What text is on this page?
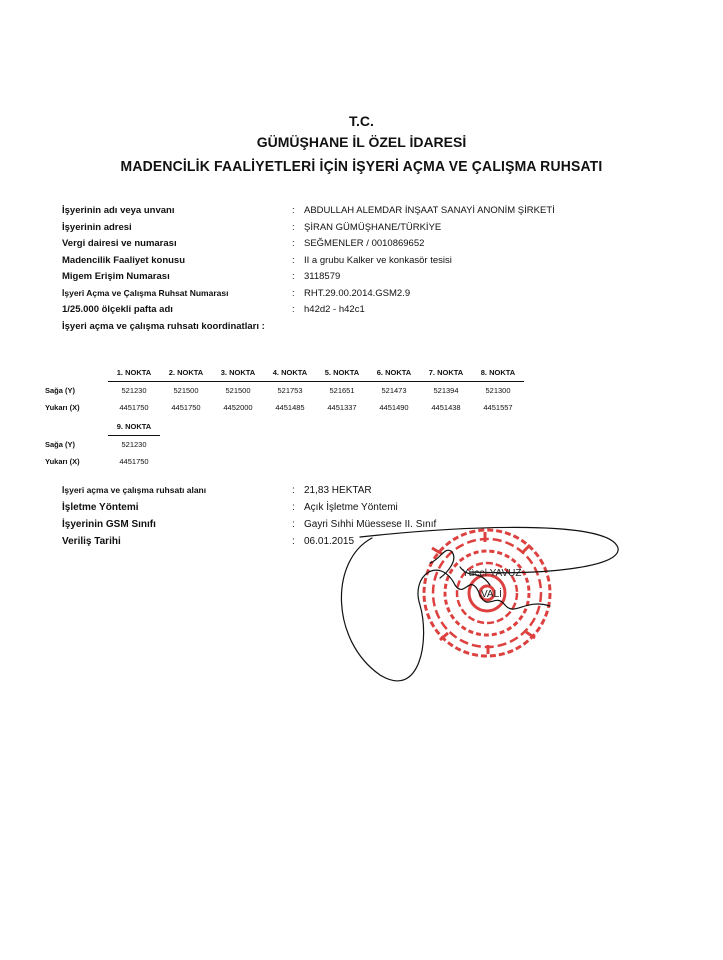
T.C.
GÜMÜŞHANE İL ÖZEL İDARESİ
MADENCİLİK FAALİYETLERİ İÇİN İŞYERİ AÇMA VE ÇALIŞMA RUHSATI
İşyerinin adı veya unvanı	: ABDULLAH ALEMDAR İNŞAAT SANAYİ ANONİM ŞİRKETİ
İşyerinin adresi	: ŞİRAN GÜMÜŞHANE/TÜRKİYE
Vergi dairesi ve numarası	: SEĞMENLER / 0010869652
Madencilik Faaliyet konusu	: II a grubu Kalker ve konkasör tesisi
Migem Erişim Numarası	: 3118579
İşyeri Açma ve Çalışma Ruhsat Numarası	: RHT.29.00.2014.GSM2.9
1/25.000 ölçekli pafta adı	: h42d2 - h42c1
İşyeri açma ve çalışma ruhsatı koordinatları :
	1. NOKTA	2. NOKTA	3. NOKTA	4. NOKTA	5. NOKTA	6. NOKTA	7. NOKTA	8. NOKTA
Sağa (Y)	521230	521500	521500	521753	521651	521473	521394	521300
Yukarı (X)	4451750	4451750	4452000	4451485	4451337	4451490	4451438	4451557
	9. NOKTA
Sağa (Y)	521230
Yukarı (X)	4451750
İşyeri açma ve çalışma ruhsatı alanı	: 21,83 HEKTAR
İşletme Yöntemi	: Açık İşletme Yöntemi
İşyerinin GSM Sınıfı	: Gayri Sıhhi Müessese II. Sınıf
Veriliş Tarihi	: 06.01.2015
Yücel YAVUZ
VALİ
